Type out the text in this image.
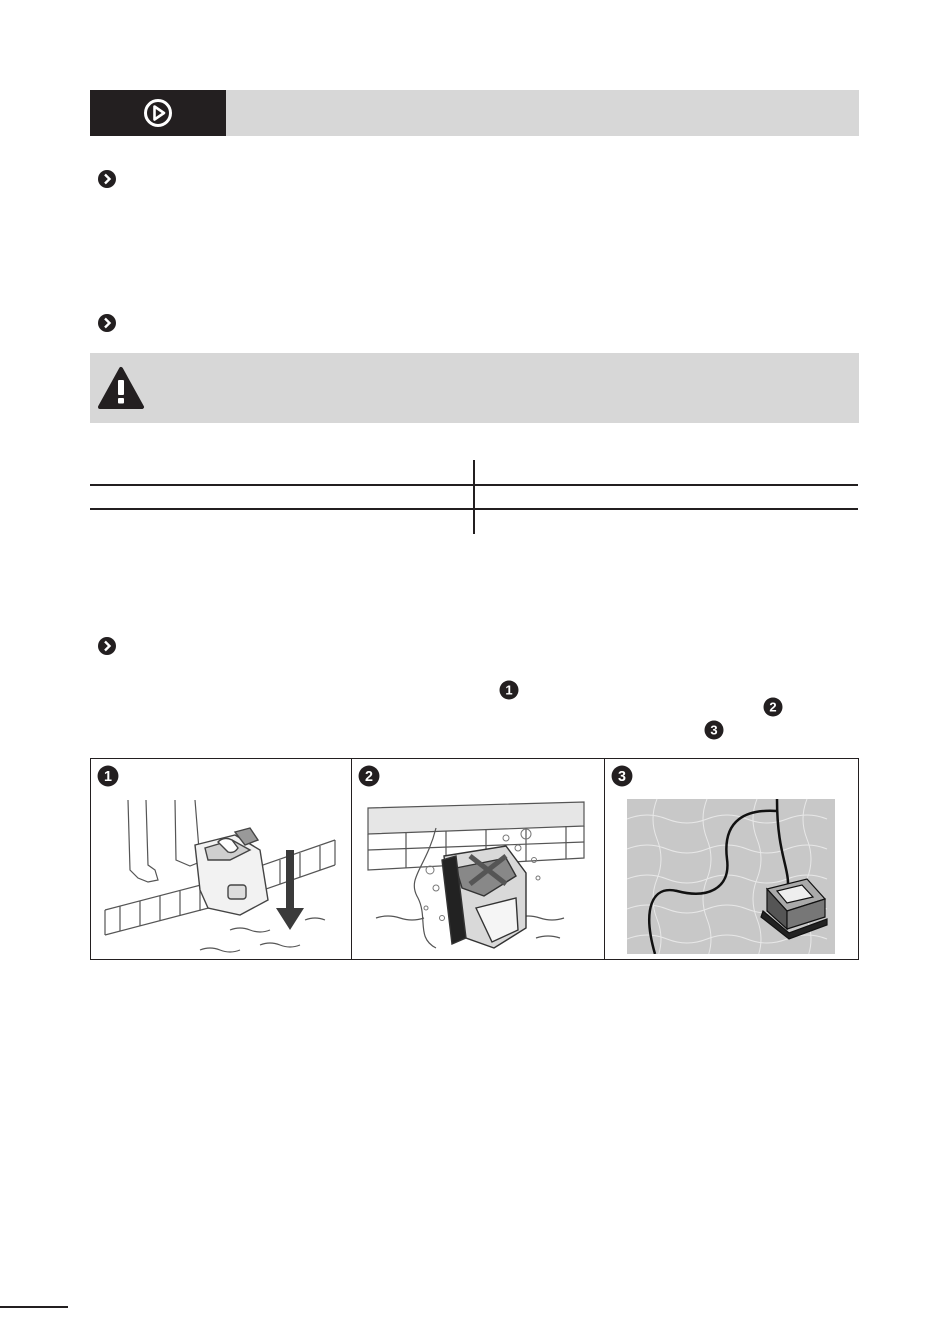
1
2
3
1	2	3
